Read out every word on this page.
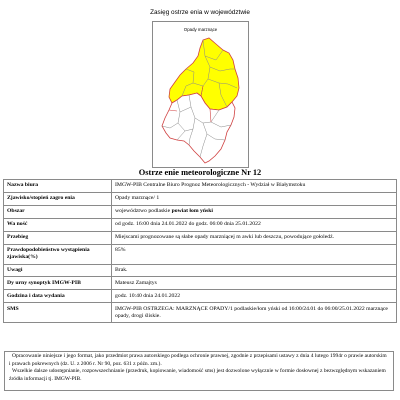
Zasięg ostrze enia w województwie
Opady marznące
Ostrze enie meteorologiczne Nr 12
Nazwa biura	IMGW-PIB Centralne Biuro Prognoz Meteorologicznych - Wydział w Białymstoku
Zjawisko/stopień zagro enia	Opady marznące/ 1
Obszar	województwo podlaskie powiat łom yński
Wa ność	od godz. 16:00 dnia 24.01.2022 do godz. 06:00 dnia 25.01.2022
Przebieg	Miejscami prognozowane są słabe opady marzniącej m awki lub deszczu, powodujące gołoledź.
Prawdopodobieństwo wystąpienia zjawiska(%)	85%
Uwagi	Brak.
Dy urny synoptyk IMGW-PIB	Mateusz Zamajtys
Godzina i data wydania	godz. 10:40 dnia 24.01.2022
SMS	IMGW-PIB OSTRZEGA: MARZNĄCE OPADY/1 podlaskie/łom yński od 16:00/24.01 do 06:00/25.01.2022 marznące opady, drogi śliskie.

Opracowanie niniejsze i jego format, jako przedmiot prawa autorskiego podlega ochronie prawnej, zgodnie z przepisami ustawy z dnia 4 lutego 1994r o prawie autorskim i prawach pokrewnych (dz. U. z 2006 r. Nr 90, poz. 631 z późn. zm.).

Wszelkie dalsze udostępnianie, rozpowszechnianie (przedruk, kopiowanie, wiadomość sms) jest dozwolone wyłącznie w formie dosłownej z bezwzględnym wskazaniem źródła informacji tj. IMGW-PIB.
